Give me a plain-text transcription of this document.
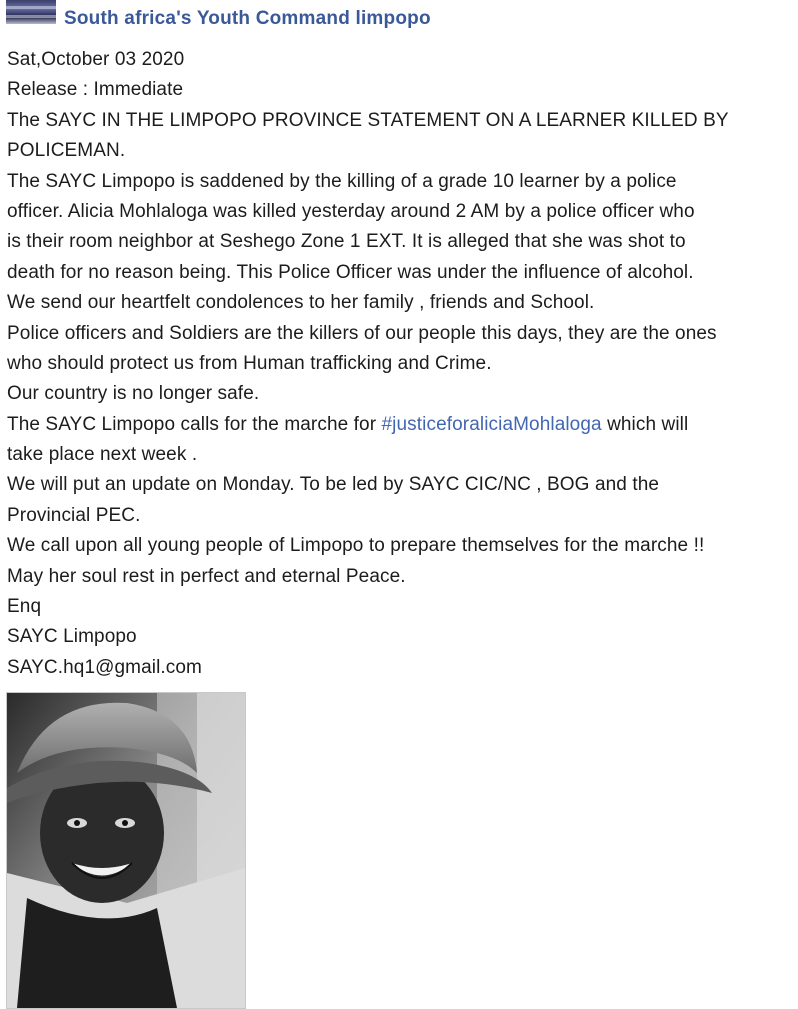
South africa's Youth Command limpopo
Sat,October 03 2020
Release : Immediate
The SAYC IN THE LIMPOPO PROVINCE STATEMENT ON A LEARNER KILLED BY
POLICEMAN.
The SAYC Limpopo is saddened by the killing of a grade 10 learner by a police
officer. Alicia Mohlaloga was killed yesterday around 2 AM by a police officer who
is their room neighbor at Seshego Zone 1 EXT. It is alleged that she was shot to
death for no reason being. This Police Officer was under the influence of alcohol.
We send our heartfelt condolences to her family , friends and School.
Police officers and Soldiers are the killers of our people this days, they are the ones
who should protect us from Human trafficking and Crime.
Our country is no longer safe.
The SAYC Limpopo calls for the marche for #justiceforaliciaMohlaloga which will
take place next week .
We will put an update on Monday. To be led by SAYC CIC/NC , BOG and the
Provincial PEC.
We call upon all young people of Limpopo to prepare themselves for the marche !!
May her soul rest in perfect and eternal Peace.
Enq
SAYC Limpopo
SAYC.hq1@gmail.com
